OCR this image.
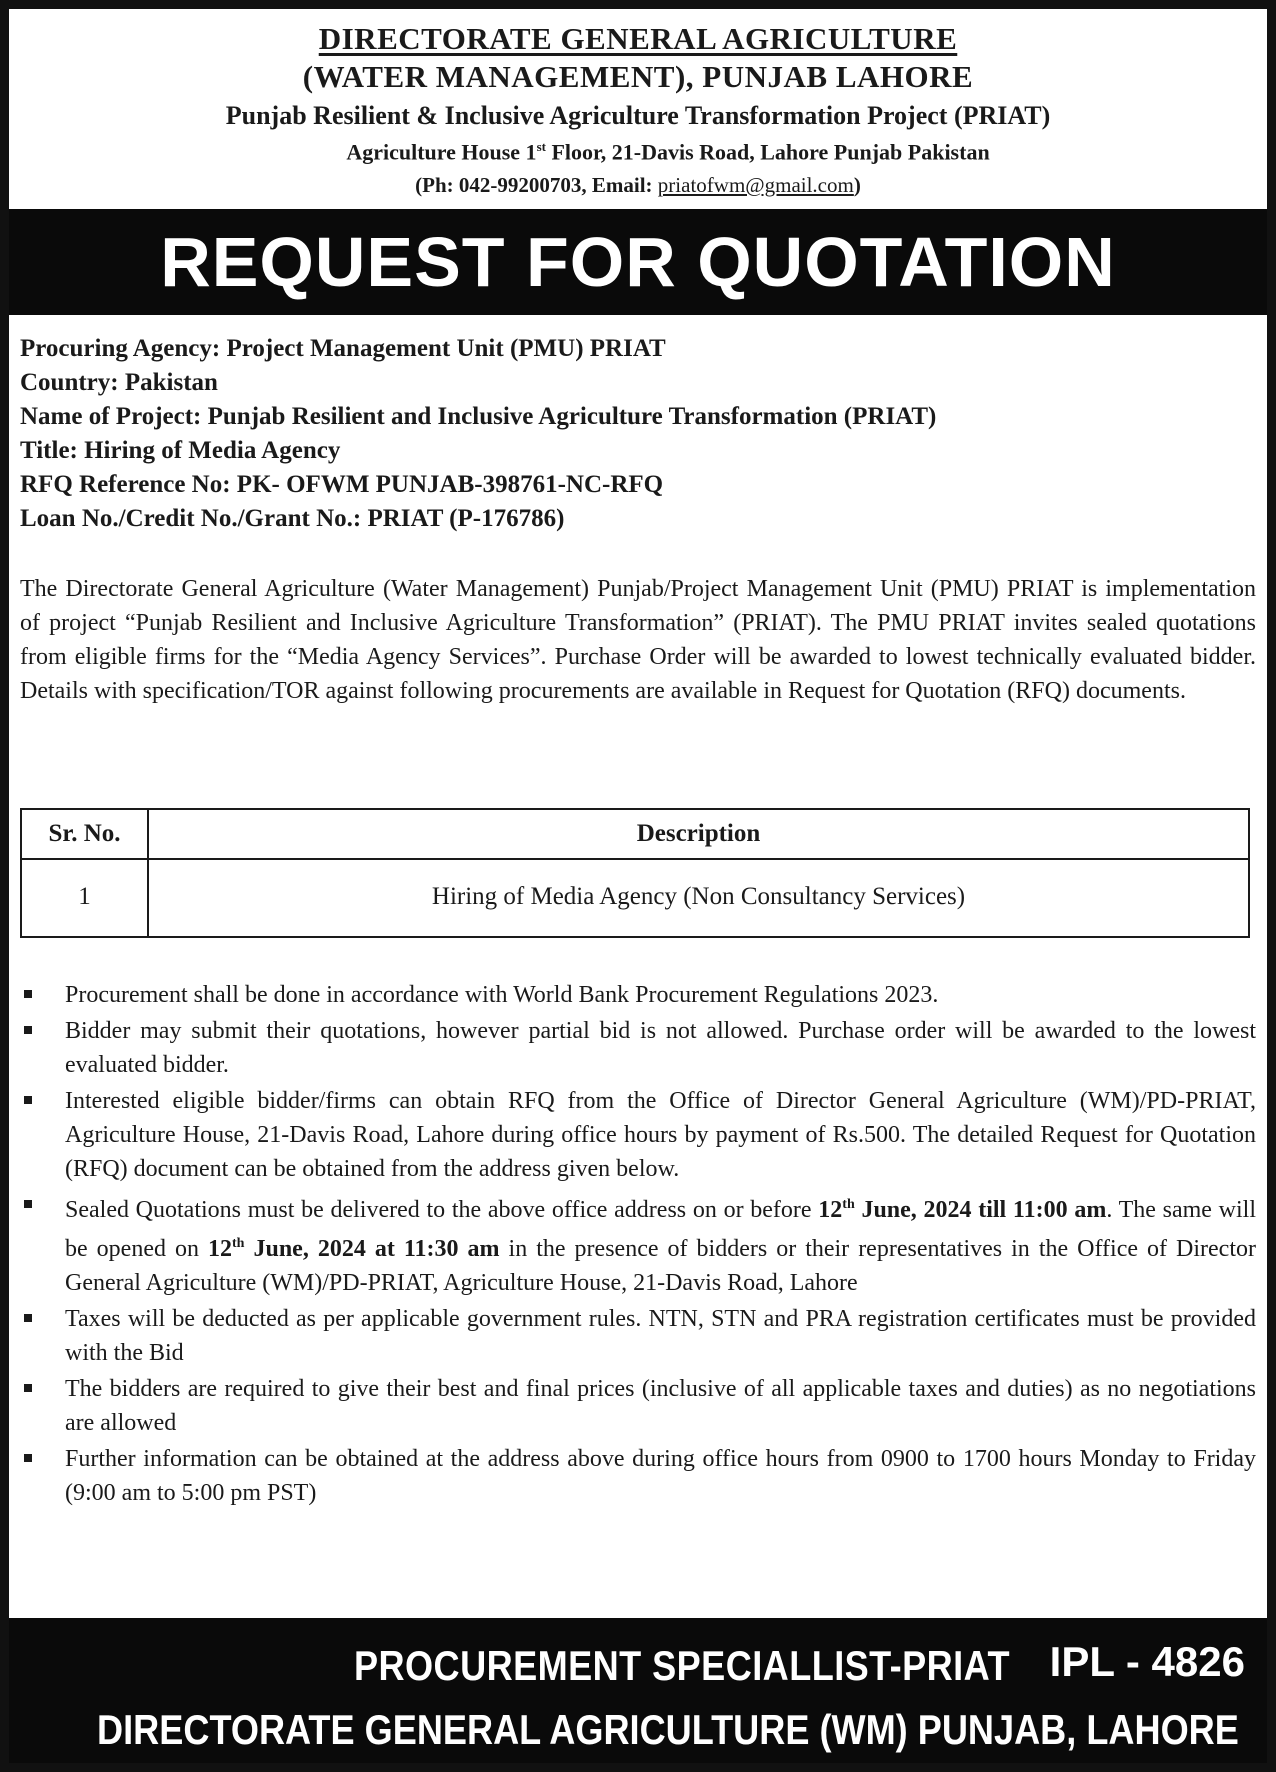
DIRECTORATE GENERAL AGRICULTURE
(WATER MANAGEMENT), PUNJAB LAHORE
Punjab Resilient & Inclusive Agriculture Transformation Project (PRIAT)
Agriculture House 1st Floor, 21-Davis Road, Lahore Punjab Pakistan
(Ph: 042-99200703, Email: priatofwm@gmail.com)
REQUEST FOR QUOTATION
Procuring Agency: Project Management Unit (PMU) PRIAT
Country: Pakistan
Name of Project: Punjab Resilient and Inclusive Agriculture Transformation (PRIAT)
Title: Hiring of Media Agency
RFQ Reference No: PK- OFWM PUNJAB-398761-NC-RFQ
Loan No./Credit No./Grant No.: PRIAT (P-176786)
The Directorate General Agriculture (Water Management) Punjab/Project Management Unit (PMU) PRIAT is implementation of project “Punjab Resilient and Inclusive Agriculture Transformation” (PRIAT). The PMU PRIAT invites sealed quotations from eligible firms for the “Media Agency Services”. Purchase Order will be awarded to lowest technically evaluated bidder. Details with specification/TOR against following procurements are available in Request for Quotation (RFQ) documents.
Sr. No.	Description
1	Hiring of Media Agency (Non Consultancy Services)
Procurement shall be done in accordance with World Bank Procurement Regulations 2023.
Bidder may submit their quotations, however partial bid is not allowed. Purchase order will be awarded to the lowest evaluated bidder.
Interested eligible bidder/firms can obtain RFQ from the Office of Director General Agriculture (WM)/PD-PRIAT, Agriculture House, 21-Davis Road, Lahore during office hours by payment of Rs.500. The detailed Request for Quotation (RFQ) document can be obtained from the address given below.
Sealed Quotations must be delivered to the above office address on or before 12th June, 2024 till 11:00 am. The same will be opened on 12th June, 2024 at 11:30 am in the presence of bidders or their representatives in the Office of Director General Agriculture (WM)/PD-PRIAT, Agriculture House, 21-Davis Road, Lahore
Taxes will be deducted as per applicable government rules. NTN, STN and PRA registration certificates must be provided with the Bid
The bidders are required to give their best and final prices (inclusive of all applicable taxes and duties) as no negotiations are allowed
Further information can be obtained at the address above during office hours from 0900 to 1700 hours Monday to Friday (9:00 am to 5:00 pm PST)
PROCUREMENT SPECIALLIST-PRIAT IPL - 4826
DIRECTORATE GENERAL AGRICULTURE (WM) PUNJAB, LAHORE
